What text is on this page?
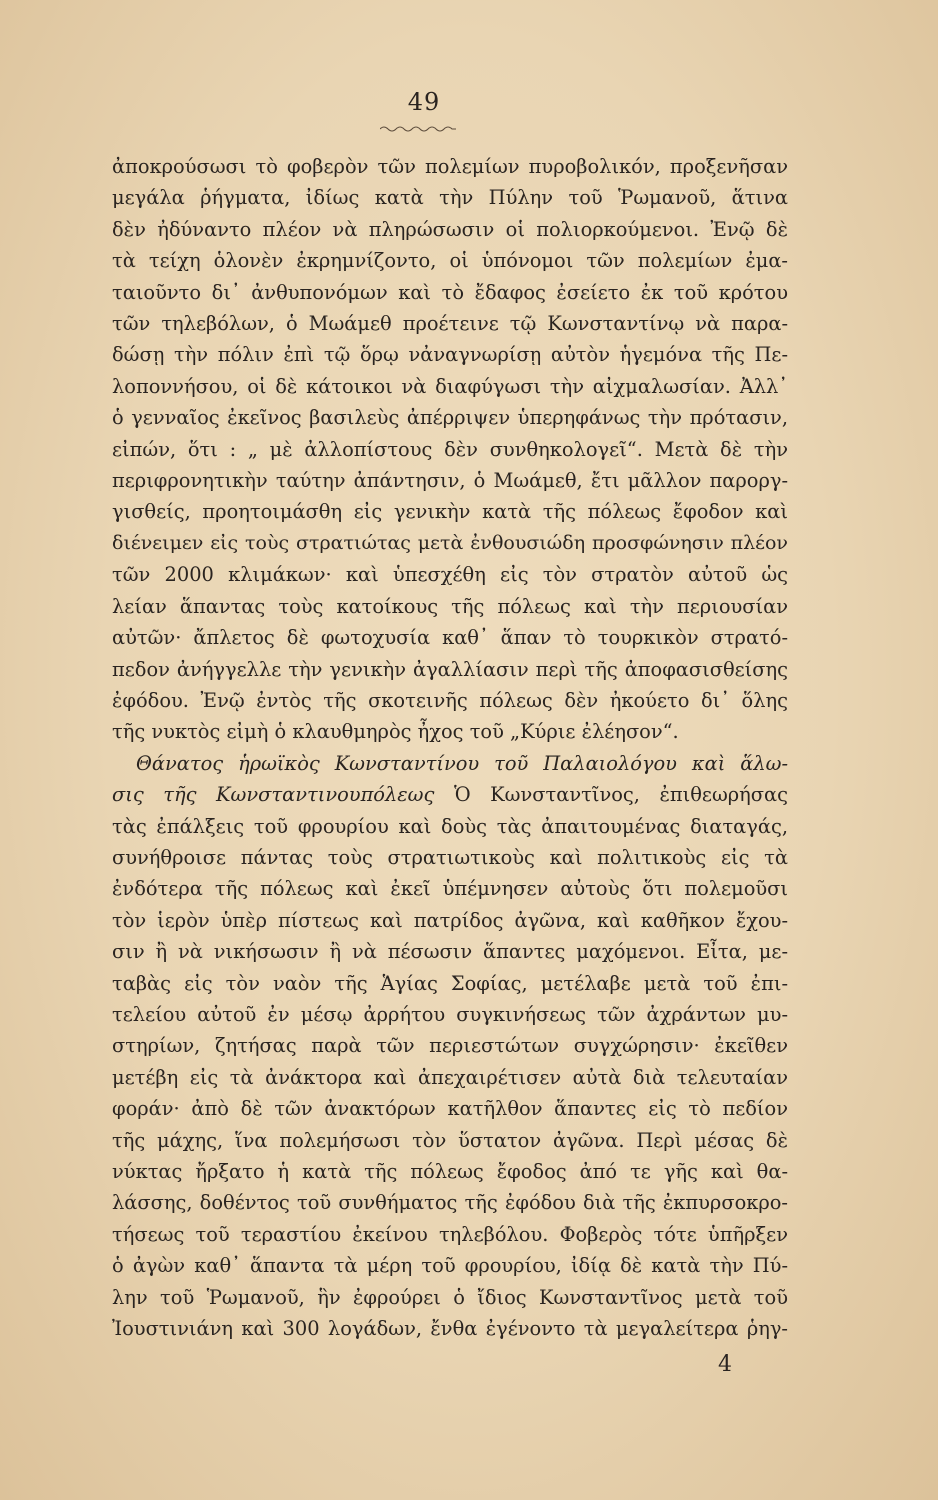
49
ἀποκρούσωσι τὸ φοβερὸν τῶν πολεμίων πυροβολικόν, προξενῆσαν
μεγάλα ῥήγματα, ἰδίως κατὰ τὴν Πύλην τοῦ Ῥωμανοῦ, ἅτινα
δὲν ἠδύναντο πλέον νὰ πληρώσωσιν οἱ πολιορκούμενοι. Ἐνῷ δὲ
τὰ τείχη ὁλονὲν ἐκρημνίζοντο, οἱ ὑπόνομοι τῶν πολεμίων ἐμα-
ταιοῦντο δι᾽ ἀνθυπονόμων καὶ τὸ ἔδαφος ἐσείετο ἐκ τοῦ κρότου
τῶν τηλεβόλων, ὁ Μωάμεθ προέτεινε τῷ Κωνσταντίνῳ νὰ παρα-
δώσῃ τὴν πόλιν ἐπὶ τῷ ὅρῳ νἀναγνωρίσῃ αὐτὸν ἡγεμόνα τῆς Πε-
λοποννήσου, οἱ δὲ κάτοικοι νὰ διαφύγωσι τὴν αἰχμαλωσίαν. Ἀλλ᾽
ὁ γενναῖος ἐκεῖνος βασιλεὺς ἀπέρριψεν ὑπερηφάνως τὴν πρότασιν,
εἰπών, ὅτι : „ μὲ ἀλλοπίστους δὲν συνθηκολογεῖ“. Μετὰ δὲ τὴν
περιφρονητικὴν ταύτην ἀπάντησιν, ὁ Μωάμεθ, ἔτι μᾶλλον παροργ-
γισθείς, προητοιμάσθη εἰς γενικὴν κατὰ τῆς πόλεως ἔφοδον καὶ
διένειμεν εἰς τοὺς στρατιώτας μετὰ ἐνθουσιώδη προσφώνησιν πλέον
τῶν 2000 κλιμάκων· καὶ ὑπεσχέθη εἰς τὸν στρατὸν αὐτοῦ ὡς
λείαν ἅπαντας τοὺς κατοίκους τῆς πόλεως καὶ τὴν περιουσίαν
αὐτῶν· ἄπλετος δὲ φωτοχυσία καθ᾽ ἅπαν τὸ τουρκικὸν στρατό-
πεδον ἀνήγγελλε τὴν γενικὴν ἀγαλλίασιν περὶ τῆς ἀποφασισθείσης
ἐφόδου. Ἐνῷ ἐντὸς τῆς σκοτεινῆς πόλεως δὲν ἠκούετο δι᾽ ὅλης
τῆς νυκτὸς εἰμὴ ὁ κλαυθμηρὸς ἦχος τοῦ „Κύριε ἐλέησον“.
Θάνατος ἡρωϊκὸς Κωνσταντίνου τοῦ Παλαιολόγου καὶ ἅλω-
σις τῆς Κωνσταντινουπόλεως Ὁ Κωνσταντῖνος, ἐπιθεωρήσας
τὰς ἐπάλξεις τοῦ φρουρίου καὶ δοὺς τὰς ἀπαιτουμένας διαταγάς,
συνήθροισε πάντας τοὺς στρατιωτικοὺς καὶ πολιτικοὺς εἰς τὰ
ἐνδότερα τῆς πόλεως καὶ ἐκεῖ ὑπέμνησεν αὐτοὺς ὅτι πολεμοῦσι
τὸν ἱερὸν ὑπὲρ πίστεως καὶ πατρίδος ἀγῶνα, καὶ καθῆκον ἔχου-
σιν ἢ νὰ νικήσωσιν ἢ νὰ πέσωσιν ἅπαντες μαχόμενοι. Εἶτα, με-
ταβὰς εἰς τὸν ναὸν τῆς Ἁγίας Σοφίας, μετέλαβε μετὰ τοῦ ἐπι-
τελείου αὐτοῦ ἐν μέσῳ ἀρρήτου συγκινήσεως τῶν ἀχράντων μυ-
στηρίων, ζητήσας παρὰ τῶν περιεστώτων συγχώρησιν· ἐκεῖθεν
μετέβη εἰς τὰ ἀνάκτορα καὶ ἀπεχαιρέτισεν αὐτὰ διὰ τελευταίαν
φοράν· ἀπὸ δὲ τῶν ἀνακτόρων κατῆλθον ἅπαντες εἰς τὸ πεδίον
τῆς μάχης, ἵνα πολεμήσωσι τὸν ὕστατον ἀγῶνα. Περὶ μέσας δὲ
νύκτας ἤρξατο ἡ κατὰ τῆς πόλεως ἔφοδος ἀπό τε γῆς καὶ θα-
λάσσης, δοθέντος τοῦ συνθήματος τῆς ἐφόδου διὰ τῆς ἐκπυρσοκρο-
τήσεως τοῦ τεραστίου ἐκείνου τηλεβόλου. Φοβερὸς τότε ὑπῆρξεν
ὁ ἀγὼν καθ᾽ ἅπαντα τὰ μέρη τοῦ φρουρίου, ἰδίᾳ δὲ κατὰ τὴν Πύ-
λην τοῦ Ῥωμανοῦ, ἣν ἐφρούρει ὁ ἴδιος Κωνσταντῖνος μετὰ τοῦ
Ἰουστινιάνη καὶ 300 λογάδων, ἔνθα ἐγένοντο τὰ μεγαλείτερα ῥηγ-
4
